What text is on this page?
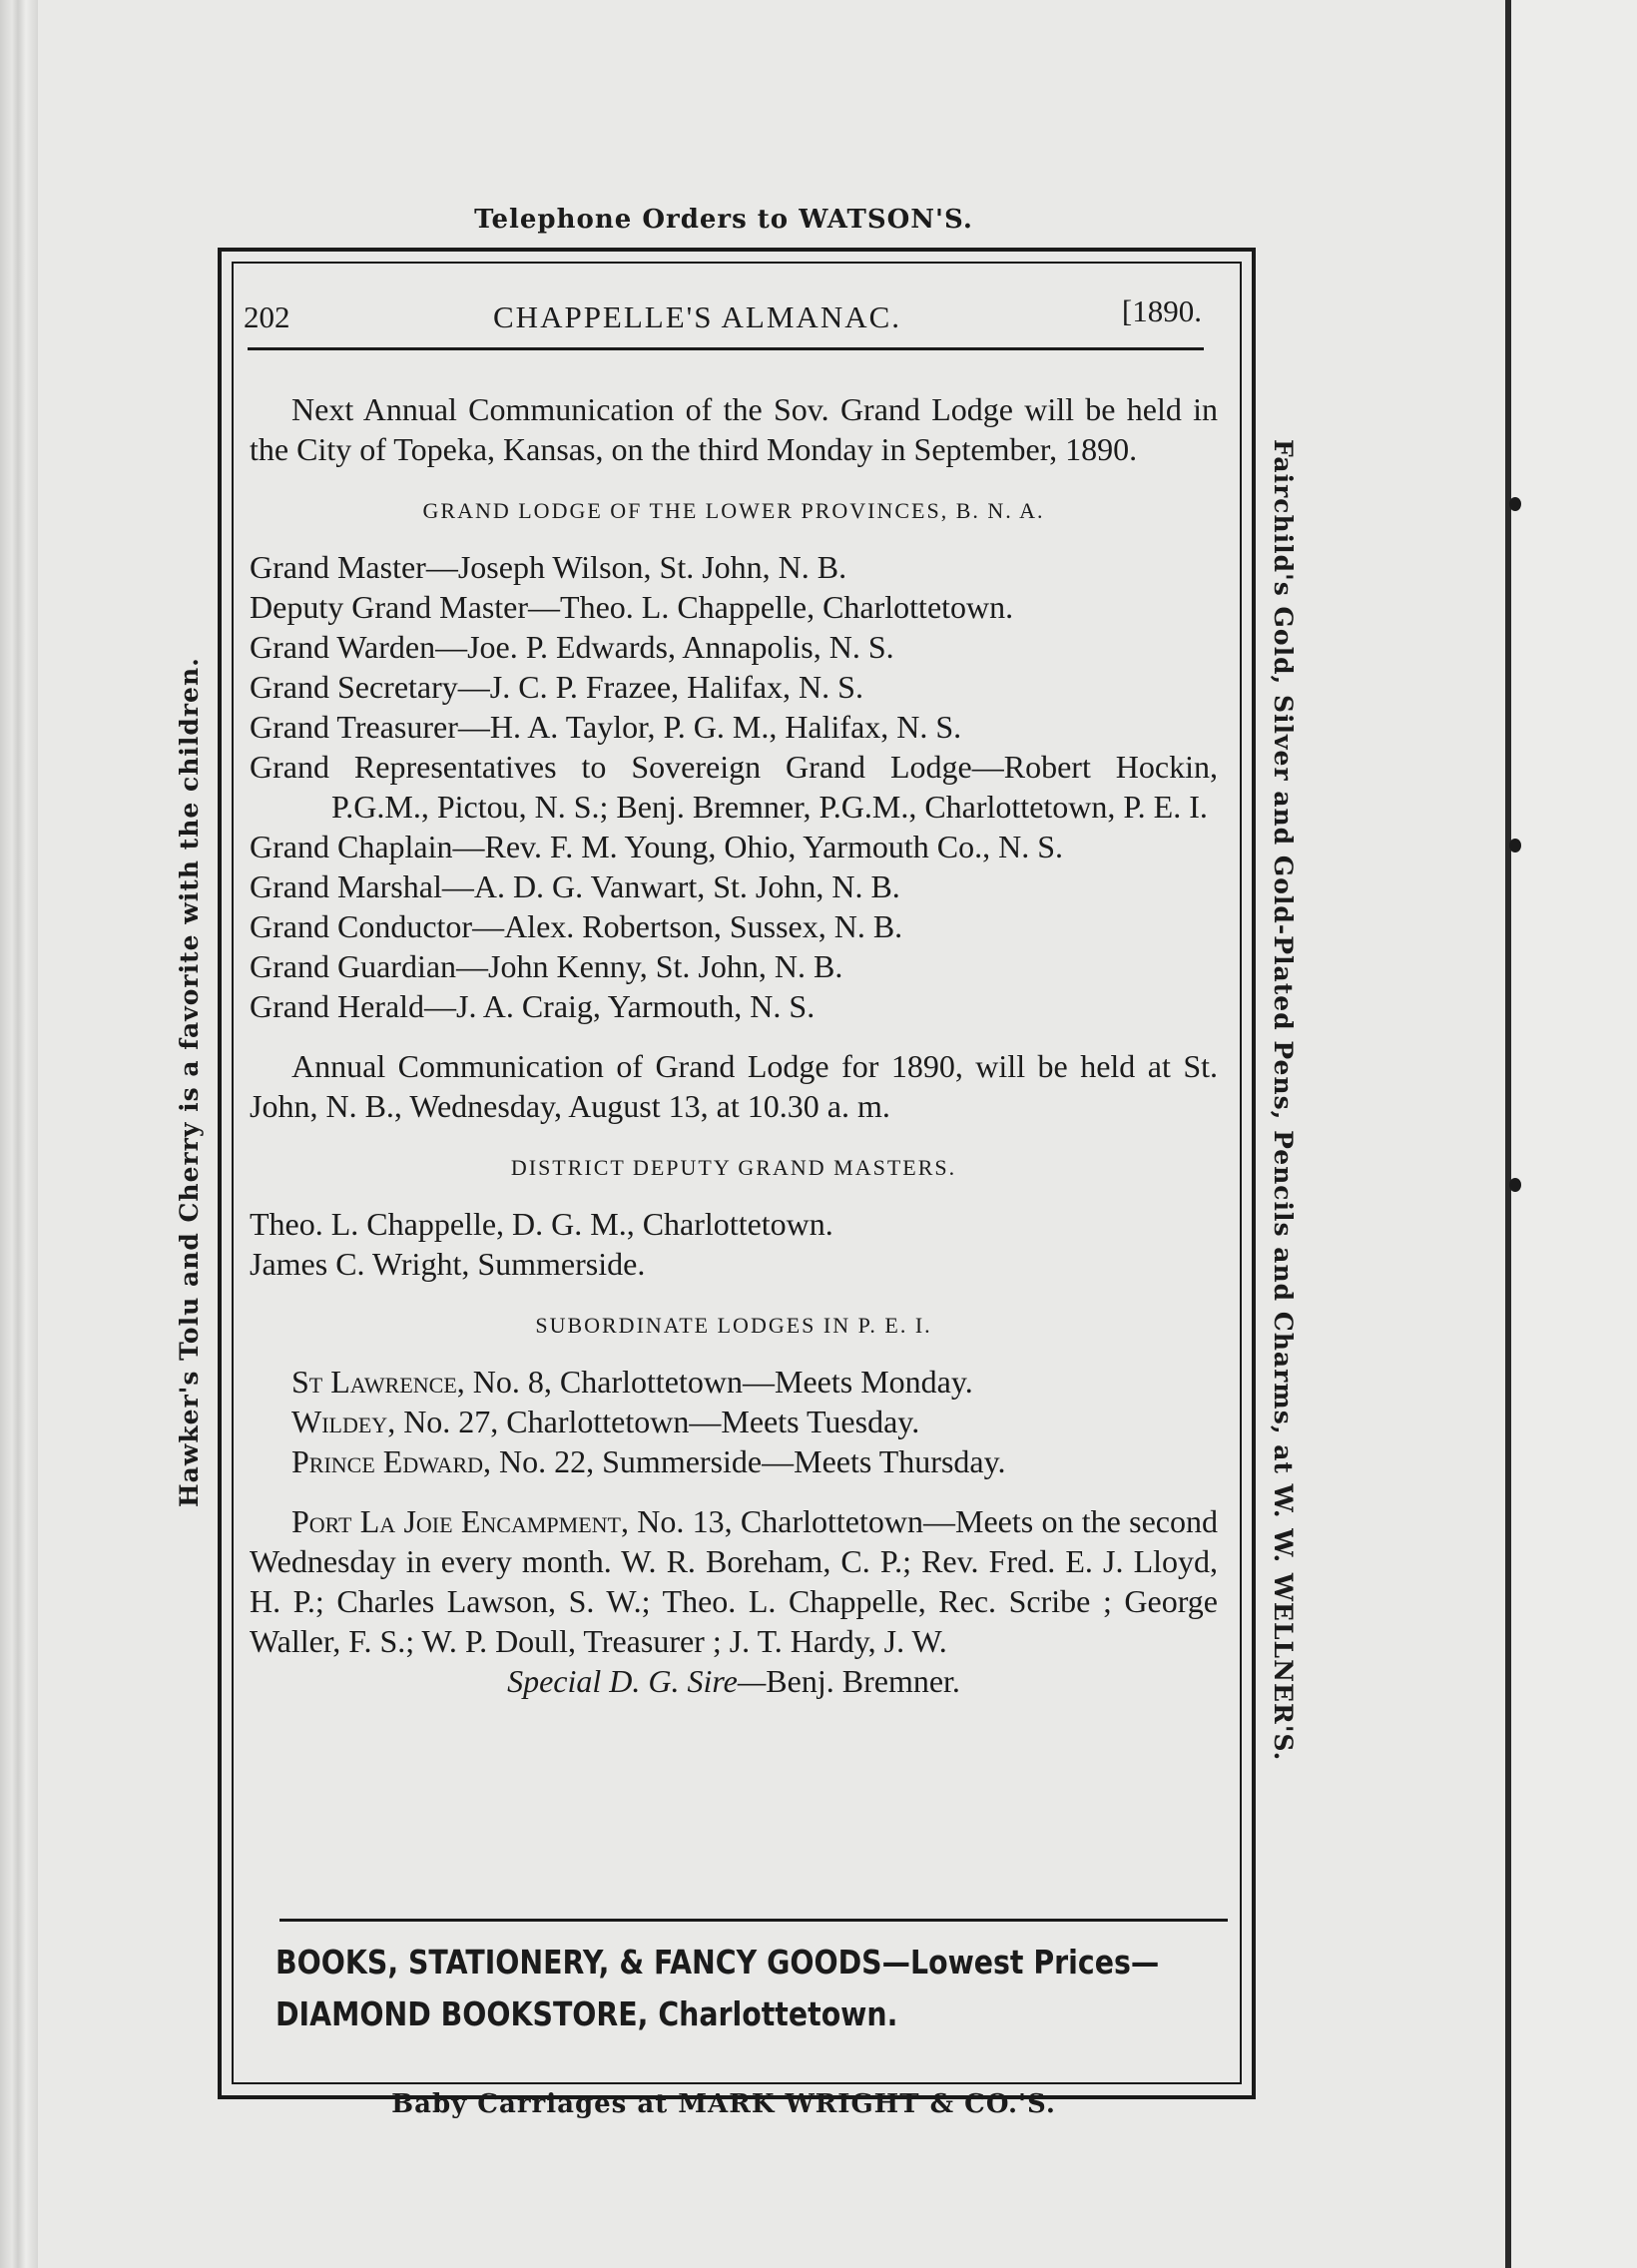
Telephone Orders to WATSON'S.
Baby Carriages at MARK WRIGHT & CO.'S.
Hawker's Tolu and Cherry is a favorite with the children.	Fairchild's Gold, Silver and Gold-Plated Pens, Pencils and Charms, at W. W. WELLNER'S.
202	CHAPPELLE'S ALMANAC.	[1890.

Next Annual Communication of the Sov. Grand Lodge will be held in the City of Topeka, Kansas, on the third Monday in September, 1890.

GRAND LODGE OF THE LOWER PROVINCES, B. N. A.

Grand Master—Joseph Wilson, St. John, N. B.

Deputy Grand Master—Theo. L. Chappelle, Charlottetown.

Grand Warden—Joe. P. Edwards, Annapolis, N. S.

Grand Secretary—J. C. P. Frazee, Halifax, N. S.

Grand Treasurer—H. A. Taylor, P. G. M., Halifax, N. S.

Grand Representatives to Sovereign Grand Lodge—Robert Hockin, P.G.M., Pictou, N. S.; Benj. Bremner, P.G.M., Charlottetown, P. E. I.

Grand Chaplain—Rev. F. M. Young, Ohio, Yarmouth Co., N. S.

Grand Marshal—A. D. G. Vanwart, St. John, N. B.

Grand Conductor—Alex. Robertson, Sussex, N. B.

Grand Guardian—John Kenny, St. John, N. B.

Grand Herald—J. A. Craig, Yarmouth, N. S.

Annual Communication of Grand Lodge for 1890, will be held at St. John, N. B., Wednesday, August 13, at 10.30 a. m.

DISTRICT DEPUTY GRAND MASTERS.

Theo. L. Chappelle, D. G. M., Charlottetown.

James C. Wright, Summerside.

SUBORDINATE LODGES IN P. E. I.

St Lawrence, No. 8, Charlottetown—Meets Monday.

Wildey, No. 27, Charlottetown—Meets Tuesday.

Prince Edward, No. 22, Summerside—Meets Thursday.

Port La Joie Encampment, No. 13, Charlottetown—Meets on the second Wednesday in every month. W. R. Boreham, C. P.; Rev. Fred. E. J. Lloyd, H. P.; Charles Lawson, S. W.; Theo. L. Chappelle, Rec. Scribe ; George Waller, F. S.; W. P. Doull, Treasurer ; J. T. Hardy, J. W.

Special D. G. Sire—Benj. Bremner.

BOOKS, STATIONERY, & FANCY GOODS—Lowest Prices—
DIAMOND BOOKSTORE, Charlottetown.
